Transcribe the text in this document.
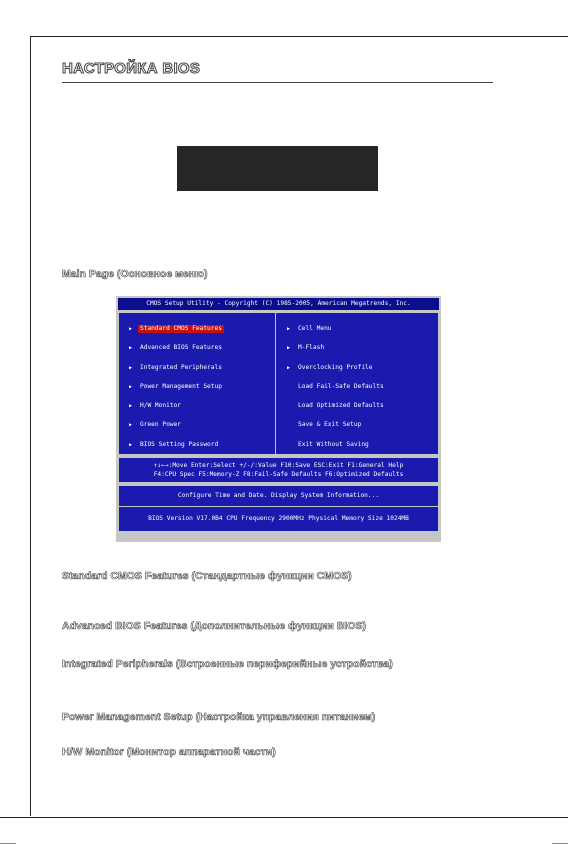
НАСТРОЙКА BIOS
Main Page (Основное меню)
CMOS Setup Utility - Copyright (C) 1985-2005, American Megatrends, Inc.
▶	Standard CMOS Features
▶	Advanced BIOS Features
▶	Integrated Peripherals
▶	Power Management Setup
▶	H/W Monitor
▶	Green Power
▶	BIOS Setting Password
▶	Cell Menu
▶	M-Flash
▶	Overclocking Profile
Load Fail-Safe Defaults
Load Optimized Defaults
Save & Exit Setup
Exit Without Saving
↑↓←→:Move Enter:Select +/-/:Value F10:Save ESC:Exit F1:General Help
F4:CPU Spec F5:Memory-Z F8:Fail-Safe Defaults F6:Optimized Defaults
Configure Time and Date. Display System Information...
BIOS Version V17.0B4 CPU Frequency 2900MHz Physical Memory Size 1024MB
Standard CMOS Features (Стандартные функции CMOS)
Advanced BIOS Features (Дополнительные функции BIOS)
Integrated Peripherals (Встроенные периферийные устройства)
Power Management Setup (Настройка управления питанием)
H/W Monitor (Монитор аппаратной части)
